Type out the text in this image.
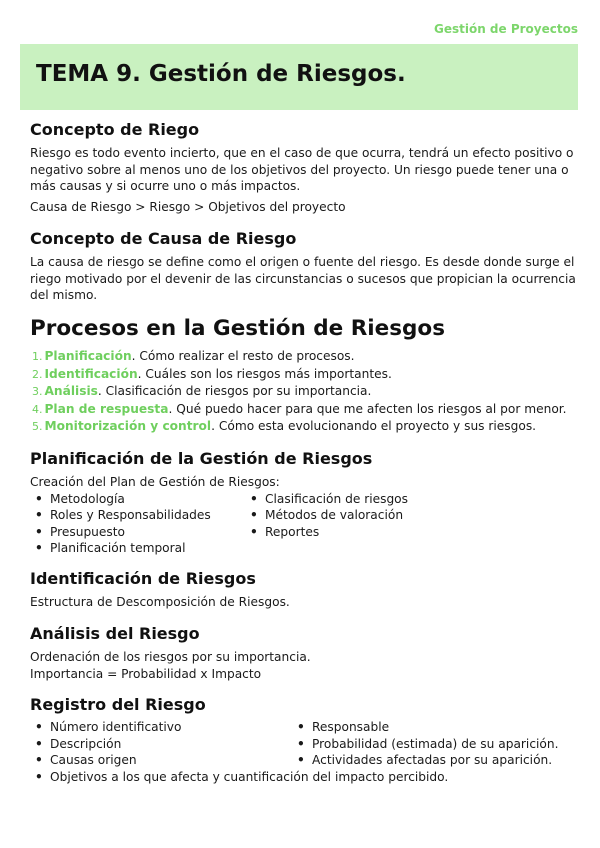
Gestión de Proyectos
TEMA 9. Gestión de Riesgos.
Concepto de Riego

Riesgo es todo evento incierto, que en el caso de que ocurra, tendrá un efecto positivo o negativo sobre al menos uno de los objetivos del proyecto. Un riesgo puede tener una o más causas y si ocurre uno o más impactos.

Causa de Riesgo > Riesgo > Objetivos del proyecto

Concepto de Causa de Riesgo

La causa de riesgo se define como el origen o fuente del riesgo. Es desde donde surge el riego motivado por el devenir de las circunstancias o sucesos que propician la ocurrencia del mismo.

Procesos en la Gestión de Riesgos
1. Planificación. Cómo realizar el resto de procesos.
2. Identificación. Cuáles son los riesgos más importantes.
3. Análisis. Clasificación de riesgos por su importancia.
4. Plan de respuesta. Qué puedo hacer para que me afecten los riesgos al por menor.
5. Monitorización y control. Cómo esta evolucionando el proyecto y sus riesgos.
Planificación de la Gestión de Riesgos

Creación del Plan de Gestión de Riesgos:

• Metodología
• Roles y Responsabilidades
• Presupuesto
• Planificación temporal
• Clasificación de riesgos
• Métodos de valoración
• Reportes
Identificación de Riesgos

Estructura de Descomposición de Riesgos.

Análisis del Riesgo

Ordenación de los riesgos por su importancia.

Importancia = Probabilidad x Impacto

Registro del Riesgo
• Número identificativo
• Descripción
• Causas origen
• Responsable
• Probabilidad (estimada) de su aparición.
• Actividades afectadas por su aparición.
• Objetivos a los que afecta y cuantificación del impacto percibido.
